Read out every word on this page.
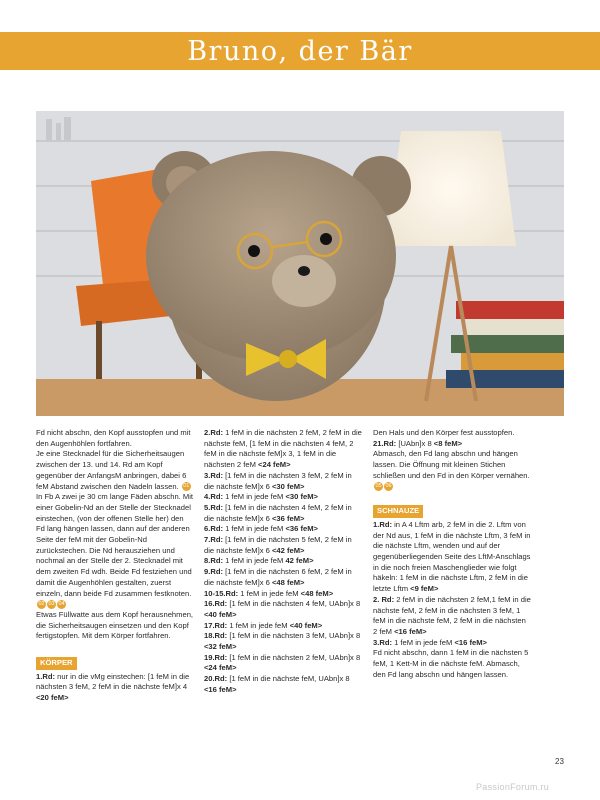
Bruno, der Bär

Fd nicht abschn, den Kopf ausstopfen und mit den Augenhöhlen fortfahren.

Je eine Stecknadel für die Sicherheitsaugen zwischen der 13. und 14. Rd am Kopf gegenüber der AnfangsM anbringen, dabei 6 feM Abstand zwischen den Nadeln lassen. 01

In Fb A zwei je 30 cm lange Fäden abschn. Mit einer Gobelin-Nd an der Stelle der Stecknadel einstechen, (von der offenen Stelle her) den Fd lang hängen lassen, dann auf der anderen Seite der feM mit der Gobelin-Nd zurückstechen. Die Nd herausziehen und nochmal an der Stelle der 2. Stecknadel mit dem zweiten Fd wdh. Beide Fd festziehen und damit die Augenhöhlen gestalten, zuerst einzeln, dann beide Fd zusammen festknoten. 02 03 04

Etwas Füllwatte aus dem Kopf herausnehmen, die Sicherheitsaugen einsetzen und den Kopf fertigstopfen. Mit dem Körper fortfahren.

KÖRPER

1.Rd: nur in die vMg einstechen: [1 feM in die nächsten 3 feM, 2 feM in die nächste feM]x 4 <20 feM>

2.Rd: 1 feM in die nächsten 2 feM, 2 feM in die nächste feM, [1 feM in die nächsten 4 feM, 2 feM in die nächste feM]x 3, 1 feM in die nächsten 2 feM <24 feM>

3.Rd: [1 feM in die nächsten 3 feM, 2 feM in die nächste feM]x 6 <30 feM>

4.Rd: 1 feM in jede feM <30 feM>

5.Rd: [1 feM in die nächsten 4 feM, 2 feM in die nächste feM]x 6 <36 feM>

6.Rd: 1 feM in jede feM <36 feM>

7.Rd: [1 feM in die nächsten 5 feM, 2 feM in die nächste feM]x 6 <42 feM>

8.Rd: 1 feM in jede feM 42 feM>

9.Rd: [1 feM in die nächsten 6 feM, 2 feM in die nächste feM]x 6 <48 feM>

10-15.Rd: 1 feM in jede feM <48 feM>

16.Rd: [1 feM in die nächsten 4 feM, UAbn]x 8 <40 feM>

17.Rd: 1 feM in jede feM <40 feM>

18.Rd: [1 feM in die nächsten 3 feM, UAbn]x 8 <32 feM>

19.Rd: [1 feM in die nächsten 2 feM, UAbn]x 8 <24 feM>

20.Rd: [1 feM in die nächste feM, UAbn]x 8 <16 feM>

Den Hals und den Körper fest ausstopfen.

21.Rd: [UAbn]x 8 <8 feM>

Abmasch, den Fd lang abschn und hängen lassen. Die Öffnung mit kleinen Stichen schließen und den Fd in den Körper vernähen. 05 06

SCHNAUZE

1.Rd: in A 4 Lftm arb, 2 feM in die 2. Lftm von der Nd aus, 1 feM in die nächste Lftm, 3 feM in die nächste Lftm, wenden und auf der gegenüberliegenden Seite des LftM-Anschlags in die noch freien Maschenglieder wie folgt häkeln: 1 feM in die nächste Lftm, 2 feM in die letzte Lftm <9 feM>

2. Rd: 2 feM in die nächsten 2 feM,1 feM in die nächste feM, 2 feM in die nächsten 3 feM, 1 feM in die nächste feM, 2 feM in die nächsten 2 feM <16 feM>

3.Rd: 1 feM in jede feM <16 feM>

Fd nicht abschn, dann 1 feM in die nächsten 5 feM, 1 Kett-M in die nächste feM. Abmasch, den Fd lang abschn und hängen lassen.

23
PassionForum.ru
